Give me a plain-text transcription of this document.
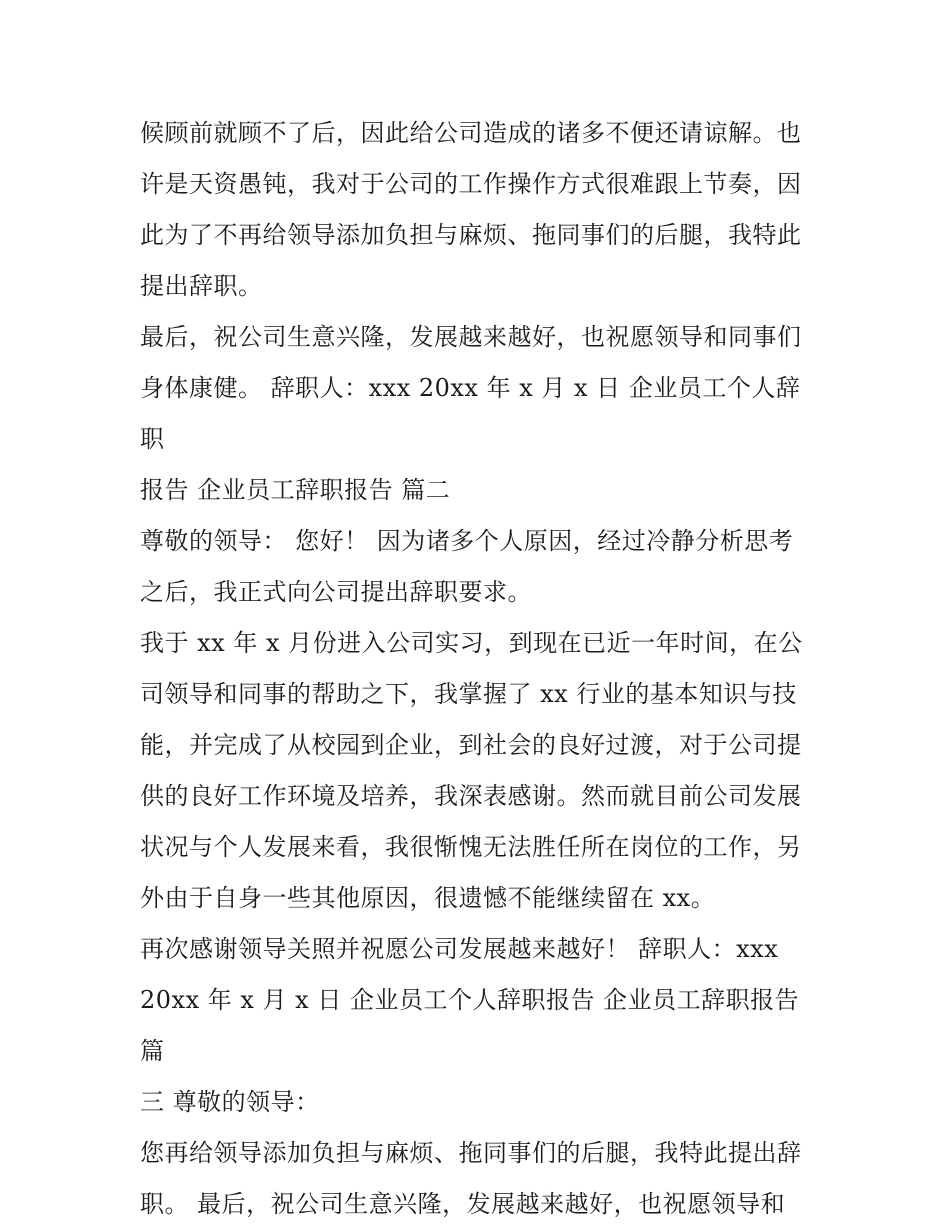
候顾前就顾不了后，因此给公司造成的诸多不便还请谅解。也
许是天资愚钝，我对于公司的工作操作方式很难跟上节奏，因
此为了不再给领导添加负担与麻烦、拖同事们的后腿，我特此
提出辞职。

最后，祝公司生意兴隆，发展越来越好，也祝愿领导和同事们
身体康健。 辞职人：xxx 20xx 年 x 月 x 日 企业员工个人辞职
报告 企业员工辞职报告 篇二

尊敬的领导： 您好！ 因为诸多个人原因，经过冷静分析思考
之后，我正式向公司提出辞职要求。

我于 xx 年 x 月份进入公司实习，到现在已近一年时间，在公
司领导和同事的帮助之下，我掌握了 xx 行业的基本知识与技
能，并完成了从校园到企业，到社会的良好过渡，对于公司提
供的良好工作环境及培养，我深表感谢。然而就目前公司发展
状况与个人发展来看，我很惭愧无法胜任所在岗位的工作，另
外由于自身一些其他原因，很遗憾不能继续留在 xx。

再次感谢领导关照并祝愿公司发展越来越好！ 辞职人：xxx
20xx 年 x 月 x 日 企业员工个人辞职报告 企业员工辞职报告 篇
三 尊敬的领导：

您再给领导添加负担与麻烦、拖同事们的后腿，我特此提出辞
职。 最后，祝公司生意兴隆，发展越来越好，也祝愿领导和
